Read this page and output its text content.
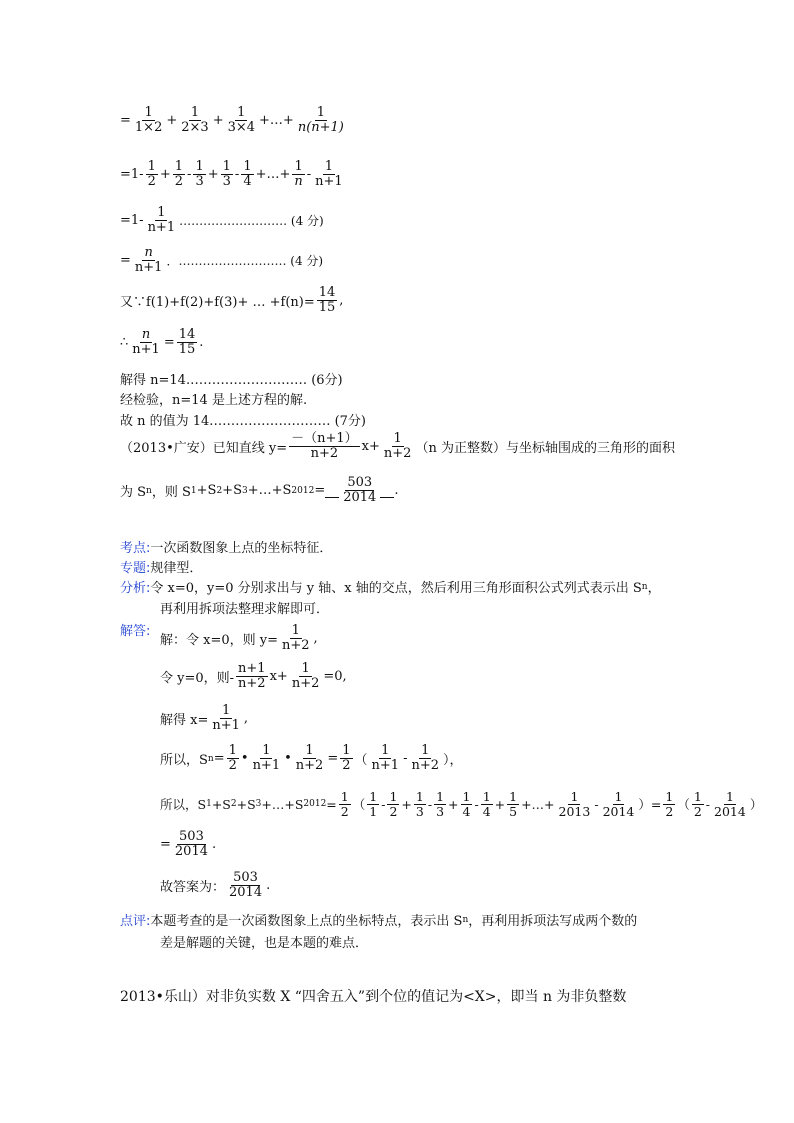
= $\frac{1}{1\times 2} + \frac{1}{2\times 3} + \frac{1}{3\times 4}$ +…+ $\frac{1}{n(n+1)}$
$=1- \frac{1}{2} + \frac{1}{2} - \frac{1}{3} + \frac{1}{3} - \frac{1}{4}$ +…+ $\frac{1}{n} - \frac{1}{n+1}$
$=1- \frac{1}{n+1}$ ……………………… (4 分)
= $\frac{n}{n+1}$ ．……………………… (4 分)
又∵f(1)+f(2)+f(3)+ … $+f(n)= \frac{14}{15}$ ,
∴ $\frac{n}{n+1} = \frac{14}{15}$ .
解得 n=14.……………………… (6分)
经检验，n=14 是上述方程的解.
故 n 的值为 14.……………………… (7分)
（2013•广安）已知直线 $y= \frac{-(n+1)}{n+2} x+ \frac{1}{n+2} (n$ 为正整数）与坐标轴围成的三角形的面积
为 S n ，则 S 1 +S 2 +S 3 +…+S $2012 = \frac{503}{2014}$ .
考点: 一次函数图象上点的坐标特征．
专题: 规律型．
分析: 令 x=0，y=0 分别求出与 y 轴、x 轴的交点，然后利用三角形面积公式列式表示出 S n ，
再利用拆项法整理求解即可．
解答:
解：令 x=0，则 $y= \frac{1}{n+2}$ ,
令 y=0，则- $\frac{n+1}{n+2} x+ \frac{1}{n+2} =0$,
解得 $x= \frac{1}{n+1}$ ,
所以，S $n = \frac{1}{2}$ • $\frac{1}{n+1}$ • $\frac{1}{n+2} = \frac{1}{2}$ （ $\frac{1}{n+1} - \frac{1}{n+2}$ ），
所以，S 1 +S 2 +S 3 +…+S $2012 = \frac{1}{2}$ （ $\frac{1}{1} - \frac{1}{2} + \frac{1}{3} - \frac{1}{3} + \frac{1}{4} - \frac{1}{4} + \frac{1}{5}$ +…+ $\frac{1}{2013} - \frac{1}{2014}$ ）= $\frac{1}{2}$ （ $\frac{1}{2} - \frac{1}{2014}$ ）
= $\frac{503}{2014}$ .
故答案为： $\frac{503}{2014}$ .
点评: 本题考查的是一次函数图象上点的坐标特点，表示出 S n ，再利用拆项法写成两个数的
差是解题的关键，也是本题的难点．
2013•乐山）对非负实数 X “四舍五入”到个位的值记为<X>，即当 n 为非负整数
